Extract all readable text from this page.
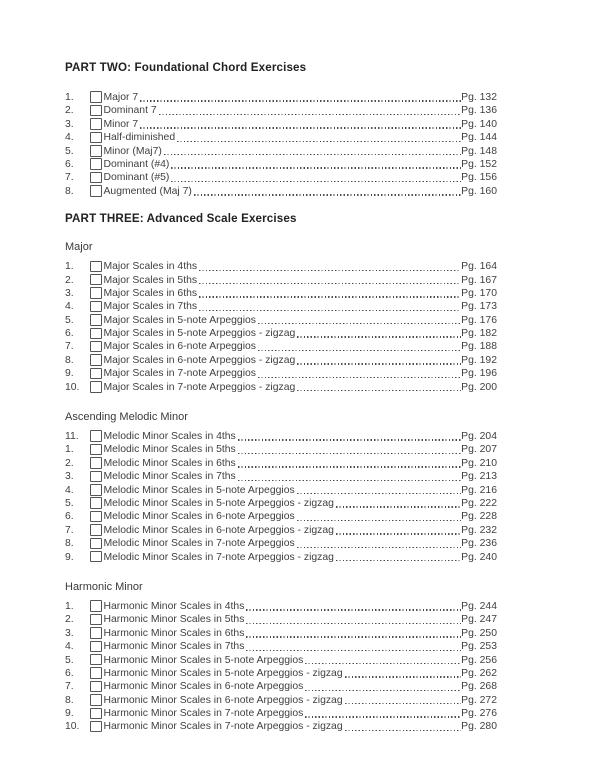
PART TWO: Foundational Chord Exercises
1.	Major 7	Pg. 132
2.	Dominant 7	Pg. 136
3.	Minor 7	Pg. 140
4.	Half-diminished	Pg. 144
5.	Minor (Maj7)	Pg. 148
6.	Dominant (#4)	Pg. 152
7.	Dominant (#5)	Pg. 156
8.	Augmented (Maj 7)	Pg. 160
PART THREE: Advanced Scale Exercises
Major
1.	Major Scales in 4ths	Pg. 164
2.	Major Scales in 5ths	Pg. 167
3.	Major Scales in 6ths	Pg. 170
4.	Major Scales in 7ths	Pg. 173
5.	Major Scales in 5-note Arpeggios	Pg. 176
6.	Major Scales in 5-note Arpeggios - zigzag	Pg. 182
7.	Major Scales in 6-note Arpeggios	Pg. 188
8.	Major Scales in 6-note Arpeggios - zigzag	Pg. 192
9.	Major Scales in 7-note Arpeggios	Pg. 196
10.	Major Scales in 7-note Arpeggios - zigzag	Pg. 200
Ascending Melodic Minor
11.	Melodic Minor Scales in 4ths	Pg. 204
1.	Melodic Minor Scales in 5ths	Pg. 207
2.	Melodic Minor Scales in 6ths	Pg. 210
3.	Melodic Minor Scales in 7ths	Pg. 213
4.	Melodic Minor Scales in 5-note Arpeggios	Pg. 216
5.	Melodic Minor Scales in 5-note Arpeggios - zigzag	Pg. 222
6.	Melodic Minor Scales in 6-note Arpeggios	Pg. 228
7.	Melodic Minor Scales in 6-note Arpeggios - zigzag	Pg. 232
8.	Melodic Minor Scales in 7-note Arpeggios	Pg. 236
9.	Melodic Minor Scales in 7-note Arpeggios - zigzag	Pg. 240
Harmonic Minor
1.	Harmonic Minor Scales in 4ths	Pg. 244
2.	Harmonic Minor Scales in 5ths	Pg. 247
3.	Harmonic Minor Scales in 6ths	Pg. 250
4.	Harmonic Minor Scales in 7ths	Pg. 253
5.	Harmonic Minor Scales in 5-note Arpeggios	Pg. 256
6.	Harmonic Minor Scales in 5-note Arpeggios - zigzag	Pg. 262
7.	Harmonic Minor Scales in 6-note Arpeggios	Pg. 268
8.	Harmonic Minor Scales in 6-note Arpeggios - zigzag	Pg. 272
9.	Harmonic Minor Scales in 7-note Arpeggios	Pg. 276
10.	Harmonic Minor Scales in 7-note Arpeggios - zigzag	Pg. 280
